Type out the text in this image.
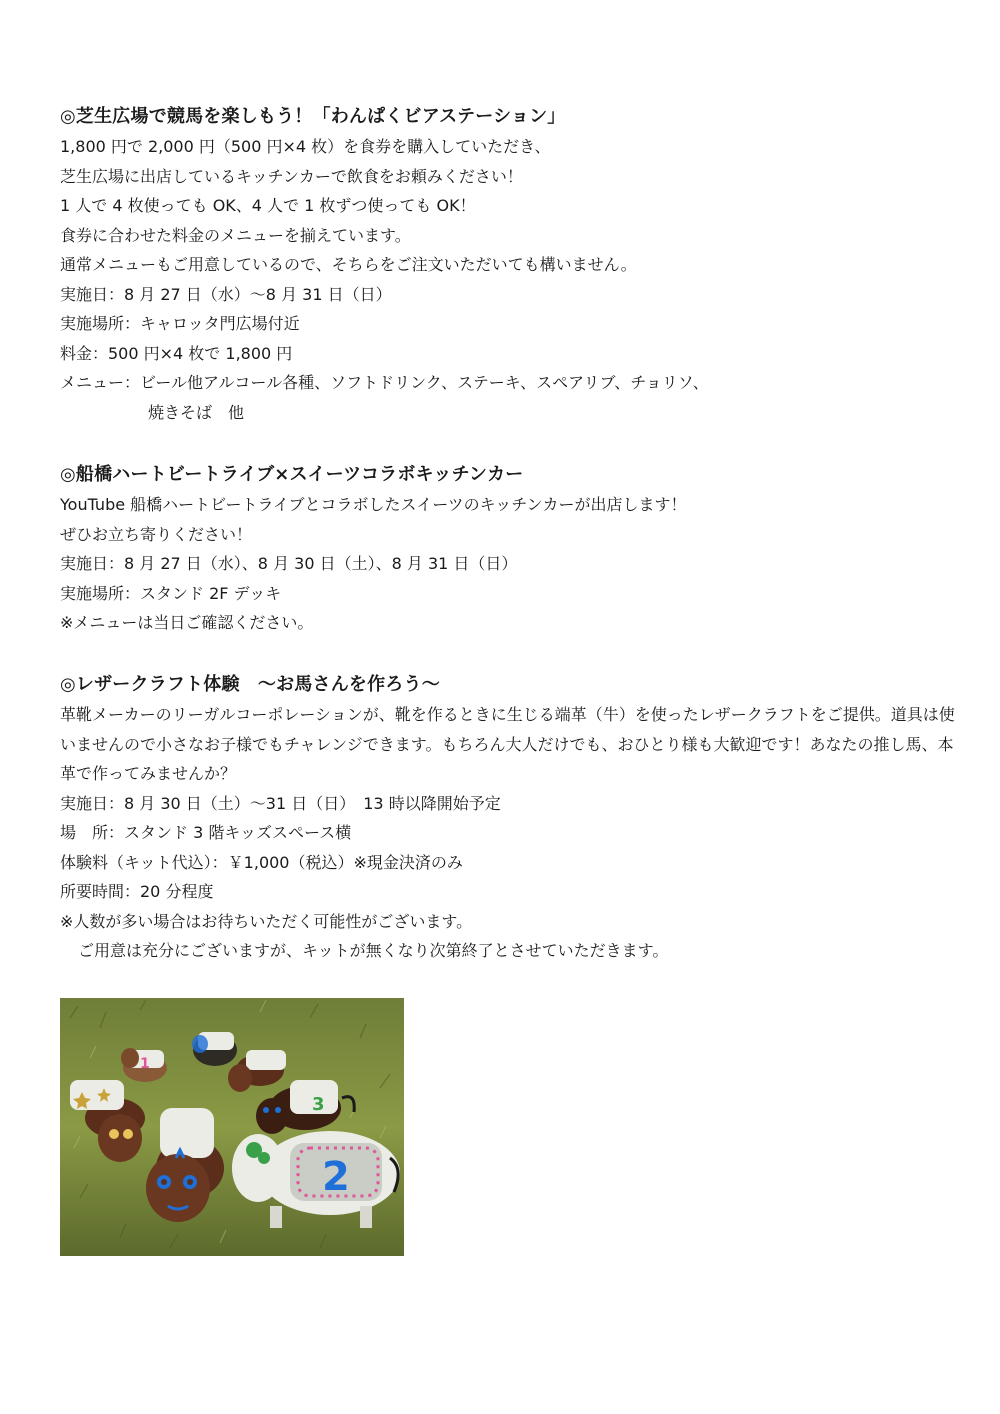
◎芝生広場で競馬を楽しもう！「わんぱくビアステーション」
1,800 円で 2,000 円（500 円×4 枚）を食券を購入していただき、
芝生広場に出店しているキッチンカーで飲食をお頼みください！
1 人で 4 枚使っても OK、4 人で 1 枚ずつ使っても OK！
食券に合わせた料金のメニューを揃えています。
通常メニューもご用意しているので、そちらをご注文いただいても構いません。
実施日：8 月 27 日（水）～8 月 31 日（日）
実施場所：キャロッタ門広場付近
料金：500 円×4 枚で 1,800 円
メニュー：ビール他アルコール各種、ソフトドリンク、ステーキ、スペアリブ、チョリソ、
焼きそば　他
◎船橋ハートビートライブ×スイーツコラボキッチンカー
YouTube 船橋ハートビートライブとコラボしたスイーツのキッチンカーが出店します！
ぜひお立ち寄りください！
実施日：8 月 27 日（水）、8 月 30 日（土）、8 月 31 日（日）
実施場所：スタンド 2F デッキ
※メニューは当日ご確認ください。
◎レザークラフト体験　～お馬さんを作ろう～
革靴メーカーのリーガルコーポレーションが、靴を作るときに生じる端革（牛）を使ったレザークラフトをご提供。道具は使いませんので小さなお子様でもチャレンジできます。もちろん大人だけでも、おひとり様も大歓迎です！あなたの推し馬、本革で作ってみませんか？
実施日：8 月 30 日（土）～31 日（日）　13 時以降開始予定
場　所：スタンド 3 階キッズスペース横
体験料（キット代込）：￥1,000（税込）※現金決済のみ
所要時間：20 分程度
※人数が多い場合はお待ちいただく可能性がございます。
ご用意は充分にございますが、キットが無くなり次第終了とさせていただきます。
1
3
2
